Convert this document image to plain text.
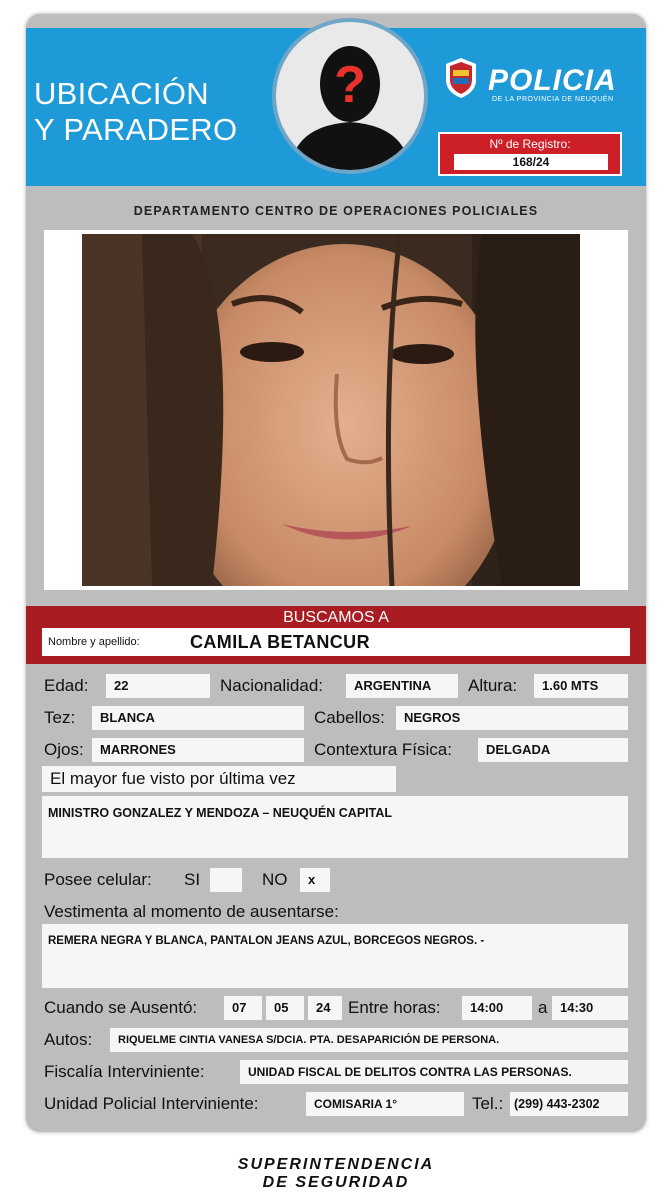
UBICACIÓN
Y PARADERO
POLICIA
DE LA PROVINCIA DE NEUQUÉN
Nº de Registro:
168/24
?
DEPARTAMENTO CENTRO DE OPERACIONES POLICIALES
BUSCAMOS A
Nombre y apellido:	CAMILA BETANCUR
Edad:	22	Nacionalidad:	ARGENTINA	Altura:	1.60 MTS
Tez:	BLANCA	Cabellos:	NEGROS
Ojos:	MARRONES	Contextura Física:	DELGADA
El mayor fue visto por última vez
MINISTRO GONZALEZ Y MENDOZA – NEUQUÉN CAPITAL
Posee celular: SI	NO	x
Vestimenta al momento de ausentarse:
REMERA NEGRA Y BLANCA, PANTALON JEANS AZUL, BORCEGOS NEGROS. -
Cuando se Ausentó:	07	05	24	Entre horas:	14:00	a 14:30
Autos:	RIQUELME CINTIA VANESA S/DCIA. PTA. DESAPARICIÓN DE PERSONA.
Fiscalía Interviniente:	UNIDAD FISCAL DE DELITOS CONTRA LAS PERSONAS.
Unidad Policial Interviniente:	COMISARIA 1°	Tel.: (299) 443-2302
SUPERINTENDENCIA
DE SEGURIDAD
